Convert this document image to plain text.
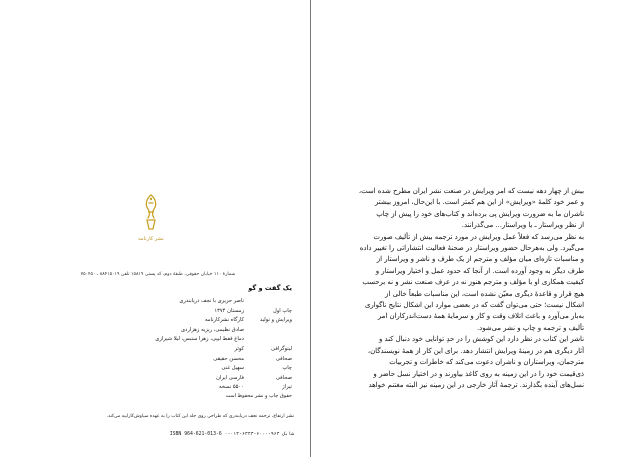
نشر کارنامه
شمارهٔ ۱۱۰ خیابان حقوقی، طبقهٔ دوم، کد پستی ۱۵۸۱۹ تلفن ۸۸۴۱۵۰۱۹ ـ ۷۵۰۴۵۰
یک گفت و گو
ناصر حریری با نجف دریابندری
چاپ اول
زمستان ۱۳۷۴
ویرایش و تولید
کارگاه نشرکارنامه
صادق نظیمی، ریزیه زهزاردی
دماغ فقط لیپی، زهرا سنبس، لیلا شیرازی
لیتوگرافی
کوثر
صحافی
محسن حقیقی
چاپ
سهیل غنی
صحافی
فارسی ایران
تیراژ
۵۵۰۰ نسخه
حقوق چاپ و نشر محفوظ است
نشر ارتفاع، ترجمه نجف دریابندری که طراحی روی جلد این کتاب را به عهده سیاوش‌کاراییه می‌کند.
شابک ۹۶۴-۶۰۰۰-۶۳۴۳-۰۱۳-۰ ISBN 964-621-013-6

بیش از چهار دهه نیست که امر ویرایش در صنعت نشر ایران مطرح شده است،

و عمر خود کلمهٔ «ویرایش» از این هم کمتر است. با این‌حال، امروز بیشتر

ناشران ما به ضرورت ویرایش پی برده‌اند و کتاب‌های خود را پیش از چاپ

از نظر ویراستار ـ یا ویراستار... می‌گذرانند.

به نظر می‌رسد که فعلاً عمل ویرایش در مورد ترجمه بیش از تألیف صورت

می‌گیرد. ولی به‌هرحال حضور ویراستار در صحنهٔ فعالیت انتشاراتی را تغییر داده

و مناسبات تازه‌ای میان مؤلف و مترجم از یک طرف و ناشر و ویراستار از

طرف دیگر به وجود آورده است. از آنجا که حدود عمل و اختیار ویراستار و

کیفیت همکاری او با مؤلف و مترجم هنوز نه در عرف صنعت نشر و نه برحسب

هیچ قرار و قاعدهٔ دیگری معیّن نشده است، این مناسبات طبعاً خالی از

اشکال نیست؛ حتی می‌توان گفت که در بعضی موارد این اشکال نتایج ناگواری

به‌بار می‌آورد و باعث اتلاف وقت و کار و سرمایهٔ همهٔ دست‌اندرکاران امر

تألیف و ترجمه و چاپ و نشر می‌شود.

ناشر این کتاب در نظر دارد این کوشش را در حدِ توانایی خود دنبال کند و

آثار دیگری هم در زمینهٔ ویرایش انتشار دهد. برای این کار از همهٔ نویسندگان،

مترجمان، ویراستاران و ناشران دعوت می‌کند که خاطرات و تجربیات

ذی‌قیمت خود را در این زمینه به روی کاغذ بیاورند و در اختیار نسل حاضر و

نسل‌های آینده بگذارند. ترجمهٔ آثار خارجی در این زمینه نیز البته مغتنم خواهد
